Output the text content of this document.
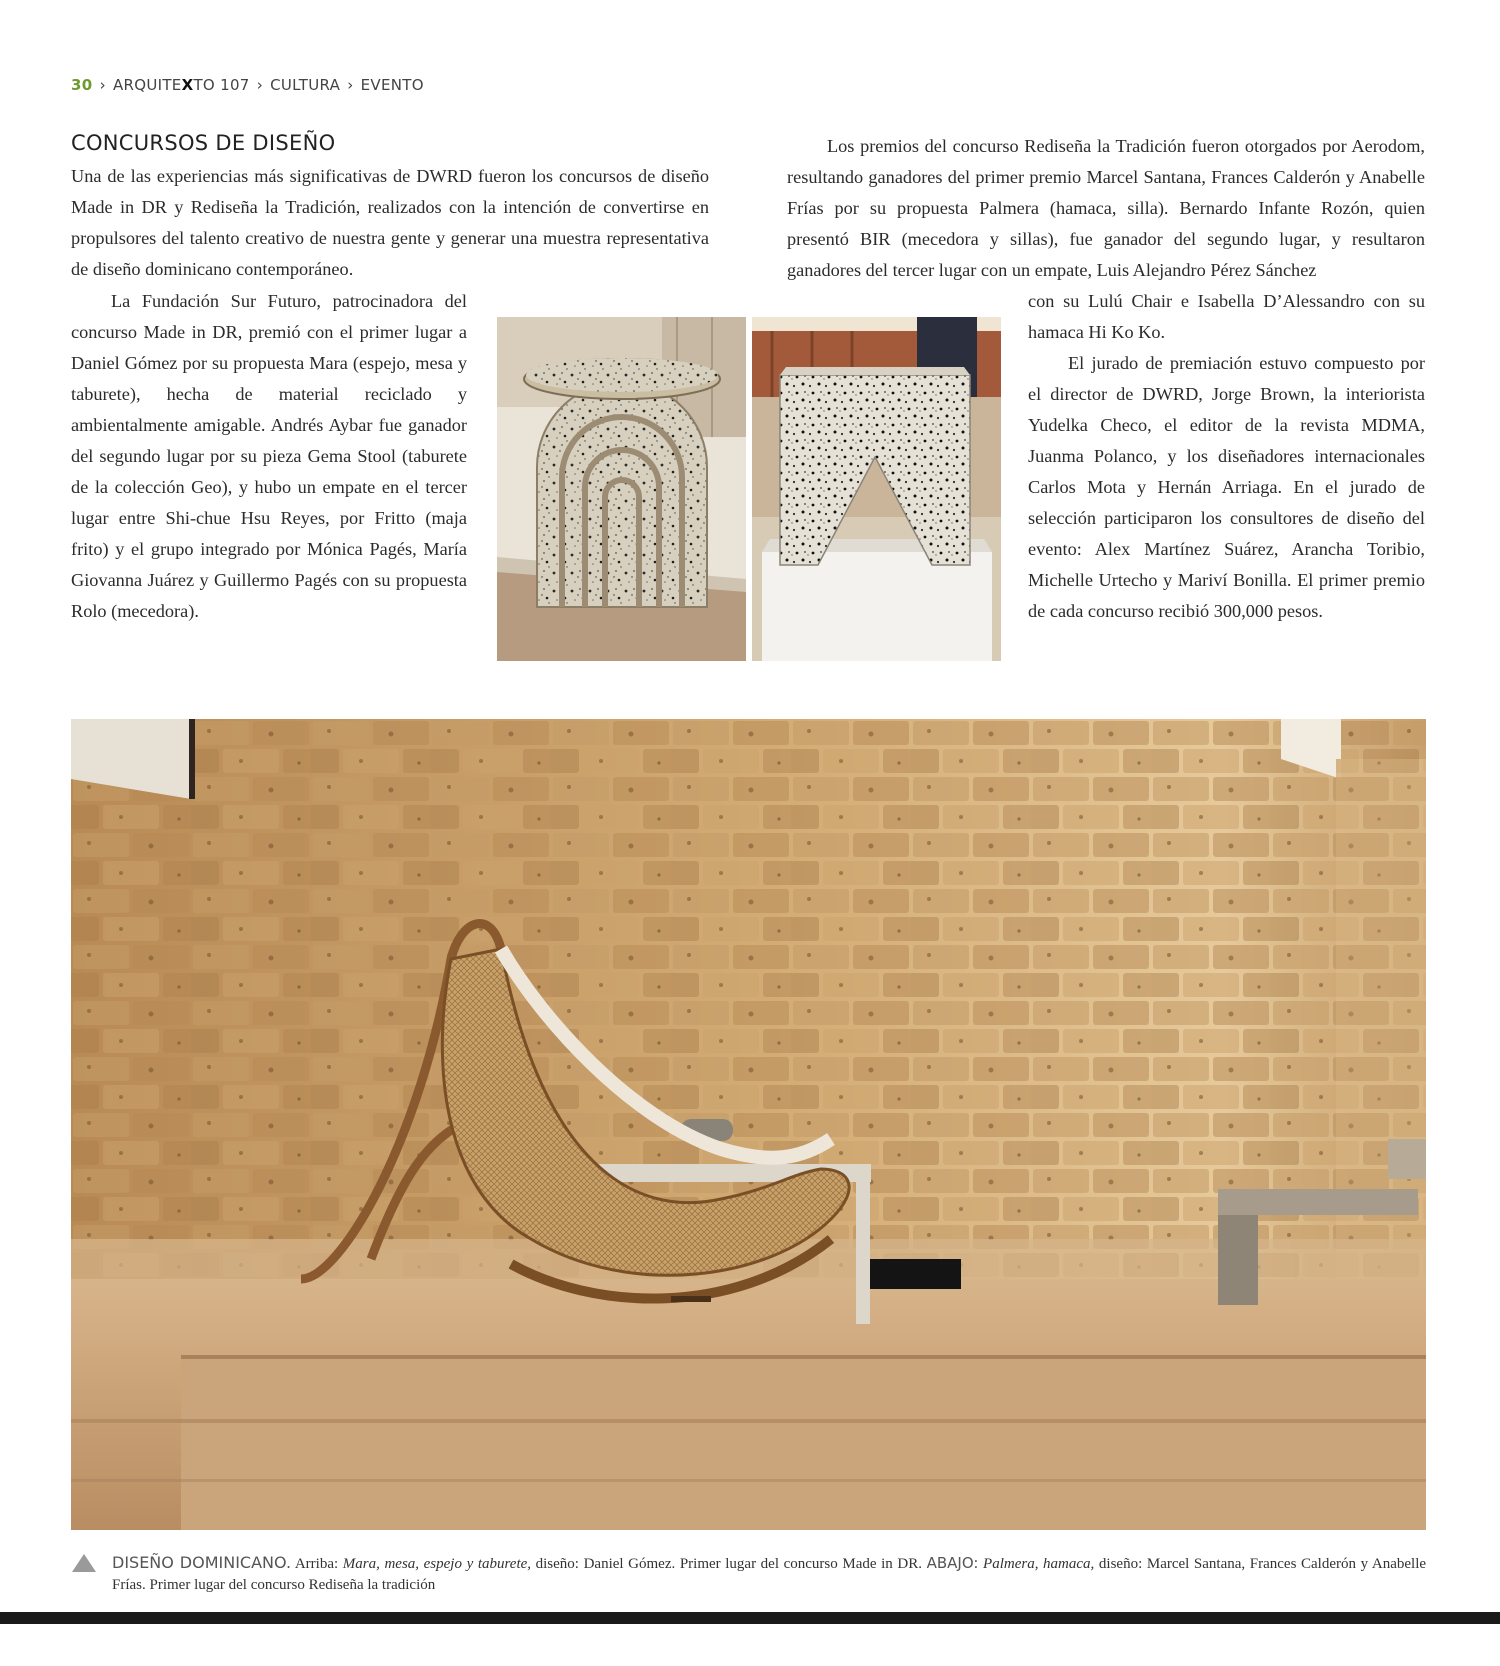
30 › ARQUITEXTO 107 › CULTURA › EVENTO
CONCURSOS DE DISEÑO

Una de las experiencias más significativas de DWRD fueron los concursos de diseño Made in DR y Rediseña la Tradición, realizados con la intención de convertirse en propulsores del talento creativo de nuestra gente y generar una muestra representativa de diseño dominicano contemporáneo.

La Fundación Sur Futuro, patrocinadora del concurso Made in DR, premió con el primer lugar a Daniel Gómez por su propuesta Mara (espejo, mesa y taburete), hecha de material reciclado y ambientalmente amigable. Andrés Aybar fue ganador del segundo lugar por su pieza Gema Stool (taburete de la colección Geo), y hubo un empate en el tercer lugar entre Shi-chue Hsu Reyes, por Fritto (maja frito) y el grupo integrado por Mónica Pagés, María Giovanna Juárez y Guillermo Pagés con su propuesta Rolo (mecedora).

Los premios del concurso Rediseña la Tradición fueron otorgados por Aerodom, resultando ganadores del primer premio Marcel Santana, Frances Calderón y Anabelle Frías por su propuesta Palmera (hamaca, silla). Bernardo Infante Rozón, quien presentó BIR (mecedora y sillas), fue ganador del segundo lugar, y resultaron ganadores del tercer lugar con un empate, Luis Alejandro Pérez Sánchez

con su Lulú Chair e Isabella D’Alessandro con su hamaca Hi Ko Ko.

El jurado de premiación estuvo compuesto por el director de DWRD, Jorge Brown, la interiorista Yudelka Checo, el editor de la revista MDMA, Juanma Polanco, y los diseñadores internacionales Carlos Mota y Hernán Arriaga. En el jurado de selección participaron los consultores de diseño del evento: Alex Martínez Suárez, Arancha Toribio, Michelle Urtecho y Mariví Bonilla. El primer premio de cada concurso recibió 300,000 pesos.

DISEÑO DOMINICANO. Arriba: Mara, mesa, espejo y taburete, diseño: Daniel Gómez. Primer lugar del concurso Made in DR. ABAJO: Palmera, hamaca, diseño: Marcel Santana, Frances Calderón y Anabelle Frías. Primer lugar del concurso Rediseña la tradición
